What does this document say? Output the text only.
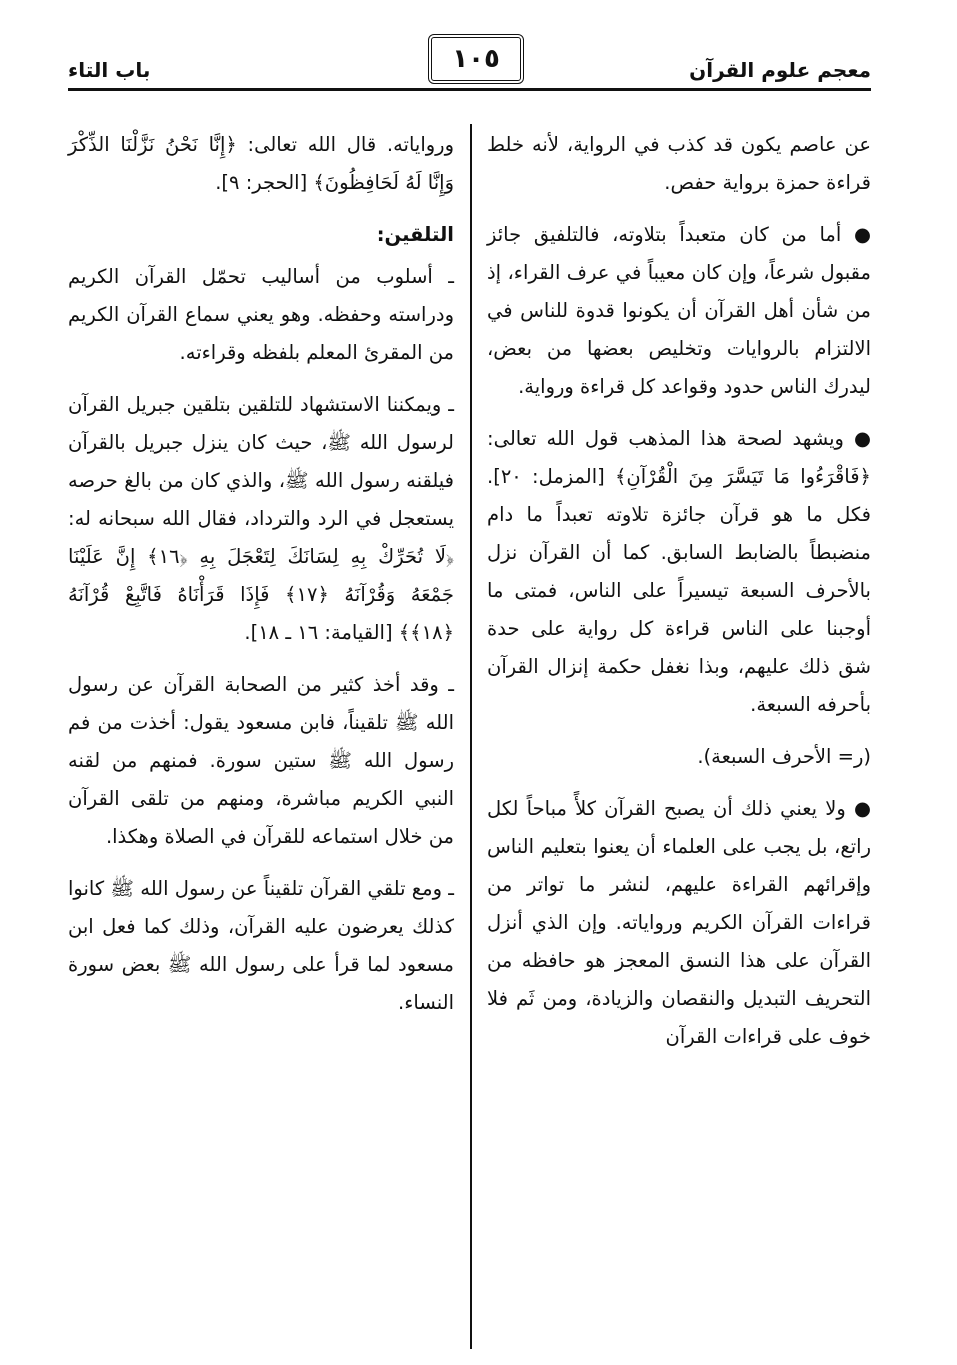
باب التاء	١٠٥	معجم علوم القرآن

عن عاصم يكون قد كذب في الرواية، لأنه خلط قراءة حمزة برواية حفص.

● أما من كان متعبداً بتلاوته، فالتلفيق جائز مقبول شرعاً، وإن كان معيباً في عرف القراء، إذ من شأن أهل القرآن أن يكونوا قدوة للناس في الالتزام بالروايات وتخليص بعضها من بعض، ليدرك الناس حدود وقواعد كل قراءة ورواية.

● ويشهد لصحة هذا المذهب قول الله تعالى: ﴿فَاقْرَءُوا مَا تَيَسَّرَ مِنَ الْقُرْآنِ﴾ [المزمل: ٢٠]. فكل ما هو قرآن جائزة تلاوته تعبداً ما دام منضبطاً بالضابط السابق. كما أن القرآن نزل بالأحرف السبعة تيسيراً على الناس، فمتى ما أوجبنا على الناس قراءة كل رواية على حدة شق ذلك عليهم، وبذا نغفل حكمة إنزال القرآن بأحرفه السبعة.

(ر= الأحرف السبعة).

● ولا يعني ذلك أن يصبح القرآن كلأً مباحاً لكل راتع، بل يجب على العلماء أن يعنوا بتعليم الناس وإقرائهم القراءة عليهم، لنشر ما تواتر من قراءات القرآن الكريم ورواياته. وإن الذي أنزل القرآن على هذا النسق المعجز هو حافظه من التحريف التبديل والنقصان والزيادة، ومن ثَم فلا خوف على قراءات القرآن

ورواياته. قال الله تعالى: ﴿إِنَّا نَحْنُ نَزَّلْنَا الذِّكْرَ وَإِنَّا لَهُ لَحَافِظُونَ﴾ [الحجر: ٩].

التلقين:

ـ أسلوب من أساليب تحمّل القرآن الكريم ودراسته وحفظه. وهو يعني سماع القرآن الكريم من المقرئ المعلم بلفظه وقراءته.

ـ ويمكننا الاستشهاد للتلقين بتلقين جبريل القرآن لرسول الله ﷺ، حيث كان ينزل جبريل بالقرآن فيلقنه رسول الله ﷺ، والذي كان من بالغ حرصه يستعجل في الرد والترداد، فقال الله سبحانه له: ﴿لَا تُحَرِّكْ بِهِ لِسَانَكَ لِتَعْجَلَ بِهِ ﴿١٦﴾ إِنَّ عَلَيْنَا جَمْعَهُ وَقُرْآنَهُ ﴿١٧﴾ فَإِذَا قَرَأْنَاهُ فَاتَّبِعْ قُرْآنَهُ ﴿١٨﴾﴾ [القيامة: ١٦ ـ ١٨].

ـ وقد أخذ كثير من الصحابة القرآن عن رسول الله ﷺ تلقيناً، فابن مسعود يقول: أخذت من فم رسول الله ﷺ ستين سورة. فمنهم من لقنه النبي الكريم مباشرة، ومنهم من تلقى القرآن من خلال استماعه للقرآن في الصلاة وهكذا.

ـ ومع تلقي القرآن تلقيناً عن رسول الله ﷺ كانوا كذلك يعرضون عليه القرآن، وذلك كما فعل ابن مسعود لما قرأ على رسول الله ﷺ بعض سورة النساء.
